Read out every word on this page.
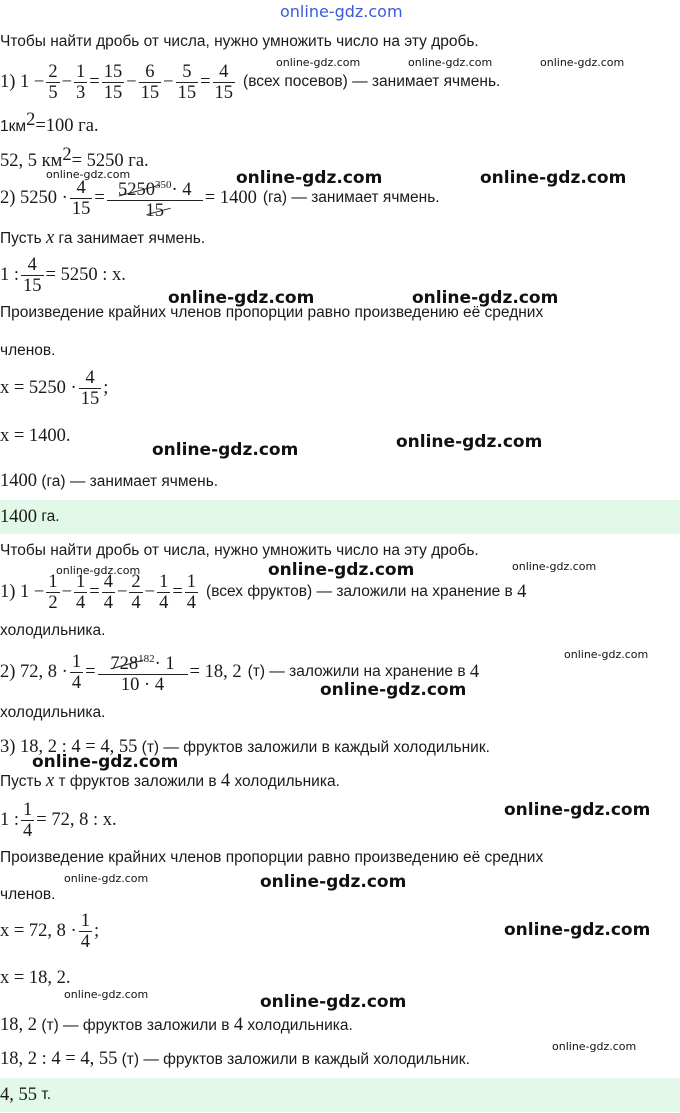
online-gdz.com
Чтобы найти дробь от числа, нужно умножить число на эту дробь.
1) $1 - \frac{2}{5} - \frac{1}{3} = \frac{15}{15} - \frac{6}{15} - \frac{5}{15} = \frac{4}{15}$ (всех посевов) — занимает ячмень.
$1км^2=100$ га.
52, 5 $км^2= 5250$ га.
2) $5250 \cdot \frac{4}{15} = \frac{5250^{350}\cdot 4}{15} = 1400$ (га) — занимает ячмень.
Пусть x га занимает ячмень.
1 : $\frac{4}{15} = 5250$ : x.
Произведение крайних членов пропорции равно произведению её средних
членов.
$x = 5250 \cdot \frac{4}{15}$ ;
x = 1400.
1400 (га) — занимает ячмень.
1400
га.
Чтобы найти дробь от числа, нужно умножить число на эту дробь.
1) $1 - \frac{1}{2} - \frac{1}{4} = \frac{4}{4} - \frac{2}{4} - \frac{1}{4} = \frac{1}{4}$ (всех фруктов) — заложили на хранение в
4
холодильника.
2) 72, $8 \cdot \frac{1}{4} = \frac{728^{182}\cdot 1}{10 \cdot 4} = 18$, 2 (т) — заложили на хранение в
4
холодильника.
3) 18, 2 : 4 = 4, 55 (т) — фруктов заложили в каждый холодильник.
Пусть x т фруктов заложили в 4 холодильника.
1 : $\frac{1}{4} = 72$, 8 : x.
Произведение крайних членов пропорции равно произведению её средних
членов.
x = 72, $8 \cdot \frac{1}{4}$ ;
x = 18, 2.
18, 2 (т) — фруктов заложили в 4 холодильника.
18, 2 : 4 = 4, 55 (т) — фруктов заложили в каждый холодильник.
4, 55
т.
online-gdz.com	online-gdz.com	online-gdz.com
online-gdz.com	online-gdz.com	online-gdz.com
online-gdz.com	online-gdz.com
online-gdz.com	online-gdz.com
online-gdz.com	online-gdz.com	online-gdz.com
online-gdz.com
online-gdz.com
online-gdz.com
online-gdz.com
online-gdz.com	online-gdz.com
online-gdz.com
online-gdz.com	online-gdz.com
online-gdz.com
